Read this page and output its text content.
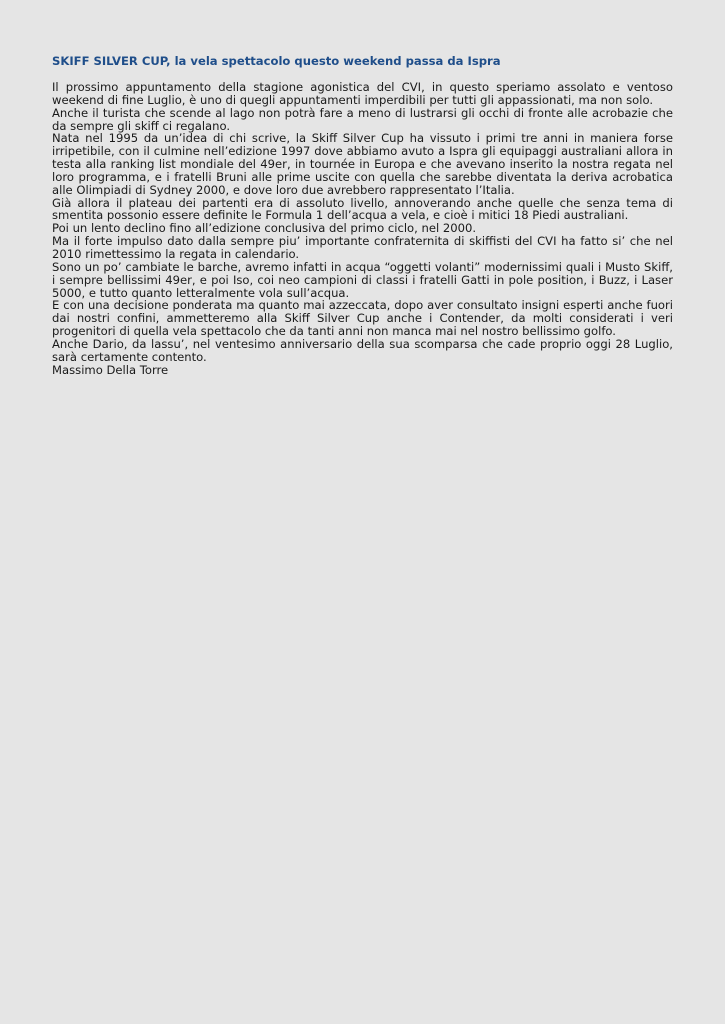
SKIFF SILVER CUP, la vela spettacolo questo weekend passa da Ispra

Il prossimo appuntamento della stagione agonistica del CVI, in questo speriamo assolato e ventoso weekend di fine Luglio, è uno di quegli appuntamenti imperdibili per tutti gli appassionati, ma non solo.

Anche il turista che scende al lago non potrà fare a meno di lustrarsi gli occhi di fronte alle acrobazie che da sempre gli skiff ci regalano.

Nata nel 1995 da un’idea di chi scrive, la Skiff Silver Cup ha vissuto i primi tre anni in maniera forse irripetibile, con il culmine nell’edizione 1997 dove abbiamo avuto a Ispra gli equipaggi australiani allora in testa alla ranking list mondiale del 49er, in tournée in Europa e che avevano inserito la nostra regata nel loro programma, e i fratelli Bruni alle prime uscite con quella che sarebbe diventata la deriva acrobatica alle Olimpiadi di Sydney 2000, e dove loro due avrebbero rappresentato l’Italia.

Già allora il plateau dei partenti era di assoluto livello, annoverando anche quelle che senza tema di smentita possonio essere definite le Formula 1 dell’acqua a vela, e cioè i mitici 18 Piedi australiani.

Poi un lento declino fino all’edizione conclusiva del primo ciclo, nel 2000.

Ma il forte impulso dato dalla sempre piu’ importante confraternita di skiffisti del CVI ha fatto si’ che nel 2010 rimettessimo la regata in calendario.

Sono un po’ cambiate le barche, avremo infatti in acqua “oggetti volanti” modernissimi quali i Musto Skiff, i sempre bellissimi 49er, e poi Iso, coi neo campioni di classi i fratelli Gatti in pole position, i Buzz, i Laser 5000, e tutto quanto letteralmente vola sull’acqua.

E con una decisione ponderata ma quanto mai azzeccata, dopo aver consultato insigni esperti anche fuori dai nostri confini, ammetteremo alla Skiff Silver Cup anche i Contender, da molti considerati i veri progenitori di quella vela spettacolo che da tanti anni non manca mai nel nostro bellissimo golfo.

Anche Dario, da lassu’, nel ventesimo anniversario della sua scomparsa che cade proprio oggi 28 Luglio, sarà certamente contento.

Massimo Della Torre
